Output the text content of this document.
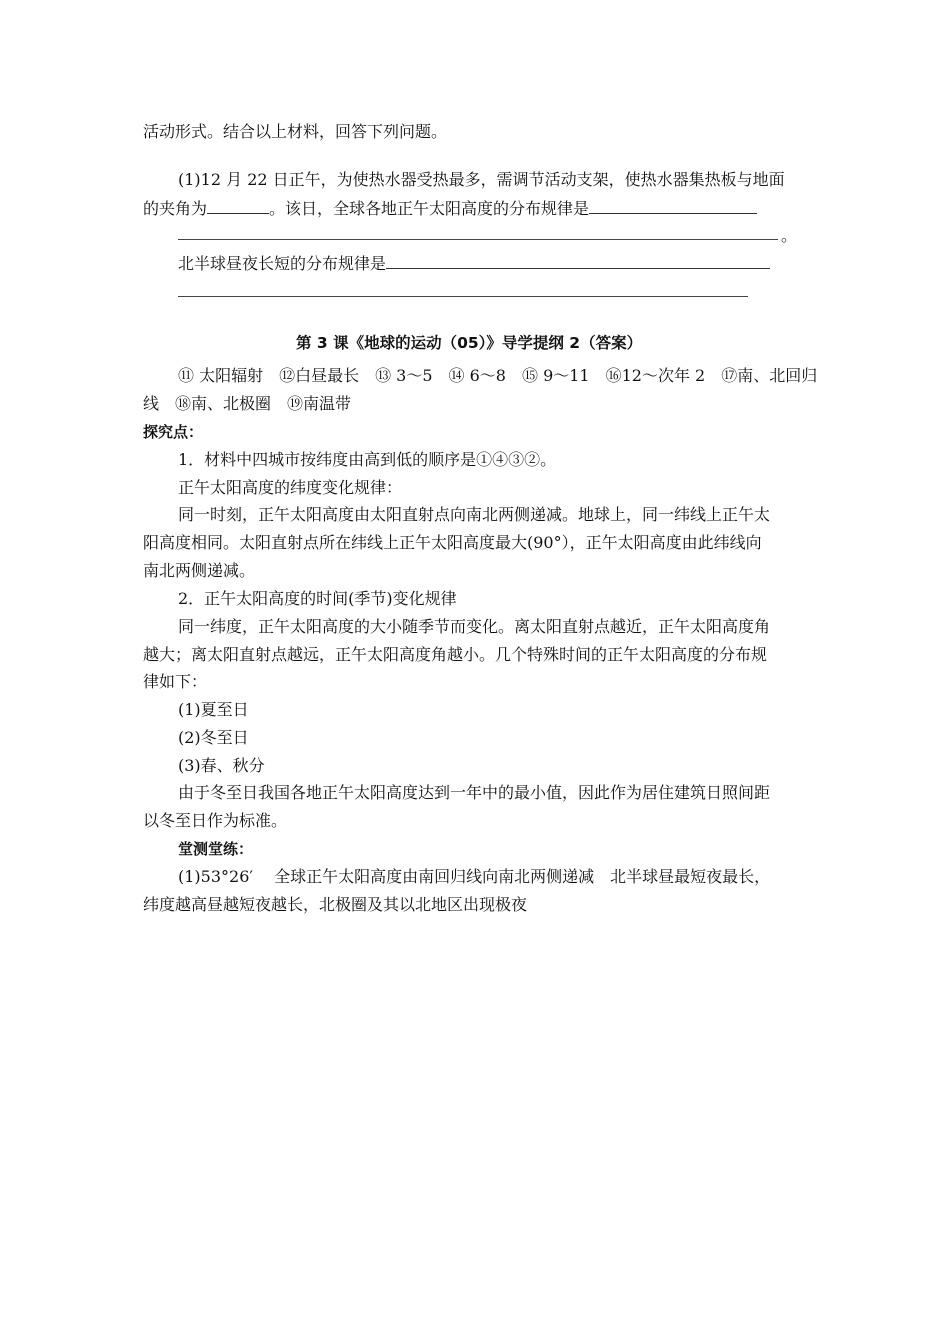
活动形式。结合以上材料，回答下列问题。
(1)12 月 22 日正午，为使热水器受热最多，需调节活动支架，使热水器集热板与地面
的夹角为	。该日，全球各地正午太阳高度的分布规律是
。
北半球昼夜长短的分布规律是
第 3 课《地球的运动（05）》导学提纲 2（答案）
⑪ 太阳辐射　⑫白昼最长　⑬ 3～5　⑭ 6～8　⑮ 9～11　⑯12～次年 2　⑰南、北回归
线　⑱南、北极圈　⑲南温带
探究点：
1．材料中四城市按纬度由高到低的顺序是①④③②。
正午太阳高度的纬度变化规律：
同一时刻，正午太阳高度由太阳直射点向南北两侧递减。地球上，同一纬线上正午太
阳高度相同。太阳直射点所在纬线上正午太阳高度最大(90°），正午太阳高度由此纬线向
南北两侧递减。
2．正午太阳高度的时间(季节)变化规律
同一纬度，正午太阳高度的大小随季节而变化。离太阳直射点越近，正午太阳高度角
越大；离太阳直射点越远，正午太阳高度角越小。几个特殊时间的正午太阳高度的分布规
律如下：
(1)夏至日
(2)冬至日
(3)春、秋分
由于冬至日我国各地正午太阳高度达到一年中的最小值，因此作为居住建筑日照间距
以冬至日作为标准。
堂测堂练：
(1)53°26′　 全球正午太阳高度由南回归线向南北两侧递减　北半球昼最短夜最长，
纬度越高昼越短夜越长，北极圈及其以北地区出现极夜
